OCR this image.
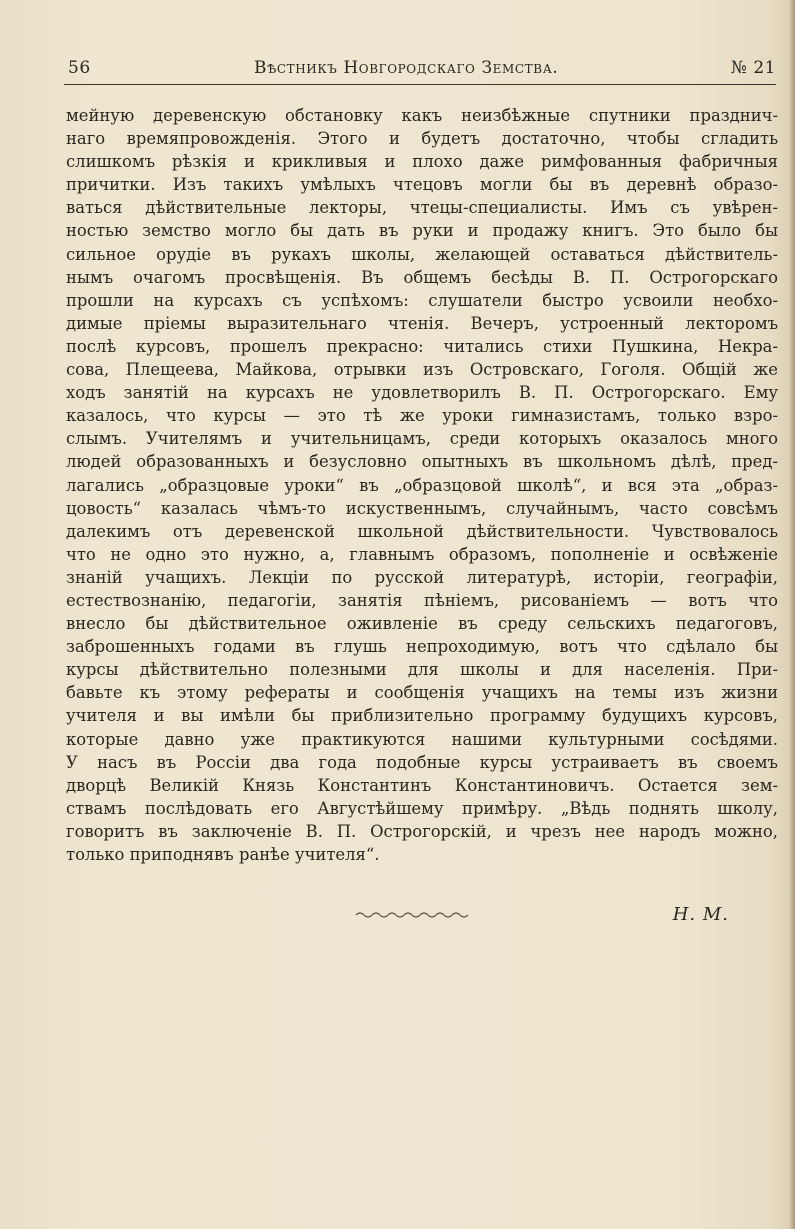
56	Вѣстникъ Новгородскаго Земства.	№ 21
мейную деревенскую обстановку какъ неизбѣжные спутники празднич-
наго времяпровожденія. Этого и будетъ достаточно, чтобы сгладить
слишкомъ рѣзкія и крикливыя и плохо даже римфованныя фабричныя
причитки. Изъ такихъ умѣлыхъ чтецовъ могли бы въ деревнѣ образо-
ваться дѣйствительные лекторы, чтецы-специалисты. Имъ съ увѣрен-
ностью земство могло бы дать въ руки и продажу книгъ. Это было бы
сильное орудіе въ рукахъ школы, желающей оставаться дѣйствитель-
нымъ очагомъ просвѣщенія. Въ общемъ бесѣды В. П. Острогорскаго
прошли на курсахъ съ успѣхомъ: слушатели быстро усвоили необхо-
димые пріемы выразительнаго чтенія. Вечеръ, устроенный лекторомъ
послѣ курсовъ, прошелъ прекрасно: читались стихи Пушкина, Некра-
сова, Плещеева, Майкова, отрывки изъ Островскаго, Гоголя. Общій же
ходъ занятій на курсахъ не удовлетворилъ В. П. Острогорскаго. Ему
казалось, что курсы — это тѣ же уроки гимназистамъ, только взро-
слымъ. Учителямъ и учительницамъ, среди которыхъ оказалось много
людей образованныхъ и безусловно опытныхъ въ школьномъ дѣлѣ, пред-
лагались „образцовые уроки“ въ „образцовой школѣ“, и вся эта „образ-
цовость“ казалась чѣмъ-то искуственнымъ, случайнымъ, часто совсѣмъ
далекимъ отъ деревенской школьной дѣйствительности. Чувствовалось
что не одно это нужно, а, главнымъ образомъ, пополненіе и освѣженіе
знаній учащихъ. Лекціи по русской литературѣ, исторіи, географіи,
естествознанію, педагогіи, занятія пѣніемъ, рисованіемъ — вотъ что
внесло бы дѣйствительное оживленіе въ среду сельскихъ педагоговъ,
заброшенныхъ годами въ глушь непроходимую, вотъ что сдѣлало бы
курсы дѣйствительно полезными для школы и для населенія. При-
бавьте къ этому рефераты и сообщенія учащихъ на темы изъ жизни
учителя и вы имѣли бы приблизительно программу будущихъ курсовъ,
которые давно уже практикуются нашими культурными сосѣдями.
У насъ въ Россіи два года подобные курсы устраиваетъ въ своемъ
дворцѣ Великій Князь Константинъ Константиновичъ. Остается зем-
ствамъ послѣдовать его Августѣйшему примѣру. „Вѣдь поднять школу,
говоритъ въ заключеніе В. П. Острогорскій, и чрезъ нее народъ можно,
только приподнявъ ранѣе учителя“.
Н. М.
